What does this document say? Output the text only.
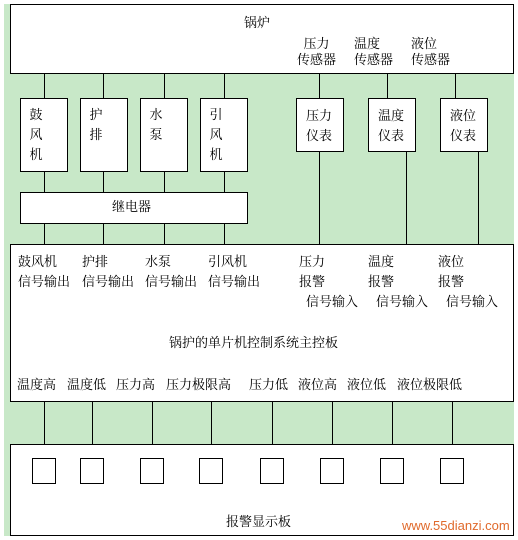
锅炉
压力
传感器
温度
传感器
液位
传感器
鼓风机
护排
水泵
引风机
压力
仪表
温度
仪表
液位
仪表
继电器
鼓风机
信号输出
护排
信号输出
水泵
信号输出
引风机
信号输出
压力
报警
温度
报警
液位
报警
信号输入 信号输入 信号输入
锅护的单片机控制系统主控板
温度高 温度低 压力高 压力极限高 压力低 液位高 液位低 液位极限低
报警显示板	www.55dianzi.com
